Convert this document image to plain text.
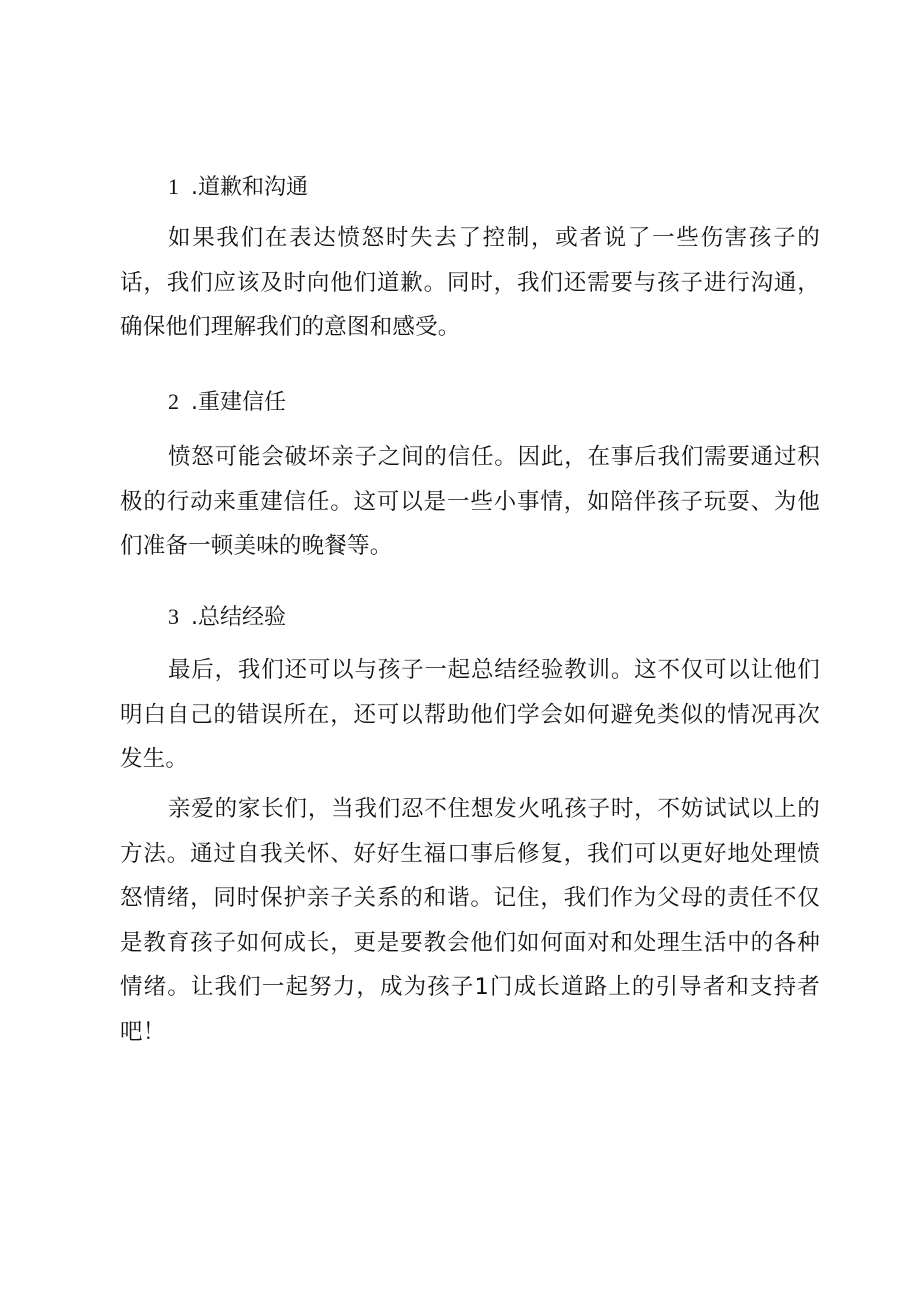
1 .道歉和沟通

如果我们在表达愤怒时失去了控制，或者说了一些伤害孩子的话，我们应该及时向他们道歉。同时，我们还需要与孩子进行沟通，确保他们理解我们的意图和感受。

2 .重建信任

愤怒可能会破坏亲子之间的信任。因此，在事后我们需要通过积极的行动来重建信任。这可以是一些小事情，如陪伴孩子玩耍、为他们准备一顿美味的晚餐等。

3 .总结经验

最后，我们还可以与孩子一起总结经验教训。这不仅可以让他们明白自己的错误所在，还可以帮助他们学会如何避免类似的情况再次发生。

亲爱的家长们，当我们忍不住想发火吼孩子时，不妨试试以上的方法。通过自我关怀、好好生福口事后修复，我们可以更好地处理愤怒情绪，同时保护亲子关系的和谐。记住，我们作为父母的责任不仅是教育孩子如何成长，更是要教会他们如何面对和处理生活中的各种情绪。让我们一起努力，成为孩子1门成长道路上的引导者和支持者吧！
